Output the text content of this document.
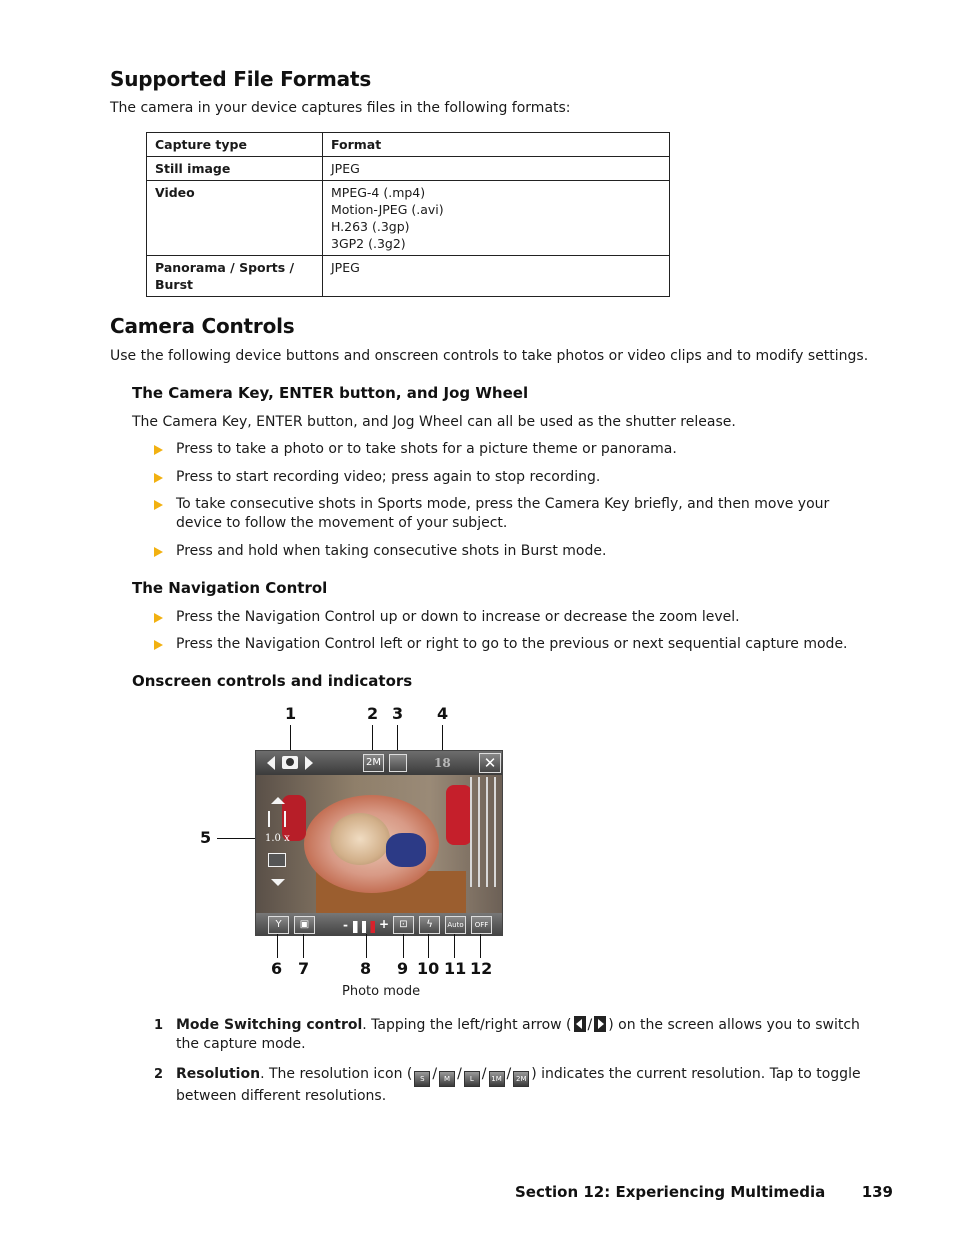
Supported File Formats

The camera in your device captures files in the following formats:

Capture type	Format
Still image	JPEG
Video	MPEG-4 (.mp4)
Motion-JPEG (.avi)
H.263 (.3gp)
3GP2 (.3g2)

Panorama / Sports / Burst	JPEG
Camera Controls

Use the following device buttons and onscreen controls to take photos or video clips and to modify settings.

The Camera Key, ENTER button, and Jog Wheel

The Camera Key, ENTER button, and Jog Wheel can all be used as the shutter release.

Press to take a photo or to take shots for a picture theme or panorama.
Press to start recording video; press again to stop recording.
To take consecutive shots in Sports mode, press the Camera Key briefly, and then move your device to follow the movement of your subject.
Press and hold when taking consecutive shots in Burst mode.
The Navigation Control
Press the Navigation Control up or down to increase or decrease the zoom level.
Press the Navigation Control left or right to go to the previous or next sequential capture mode.
Onscreen controls and indicators
1	2 3 4
5
2M	18	✕
1.0 x
Y	▣	-	+	⊡	ϟ	Auto	OFF
6 7	8 9 10 11 12
Photo mode
1 Mode Switching control. Tapping the left/right arrow ( / ) on the screen allows you to switch the capture mode.
2 Resolution. The resolution icon ( S / M / L / 1M / 2M ) indicates the current resolution. Tap to toggle between different resolutions.
Section 12: Experiencing Multimedia 139
